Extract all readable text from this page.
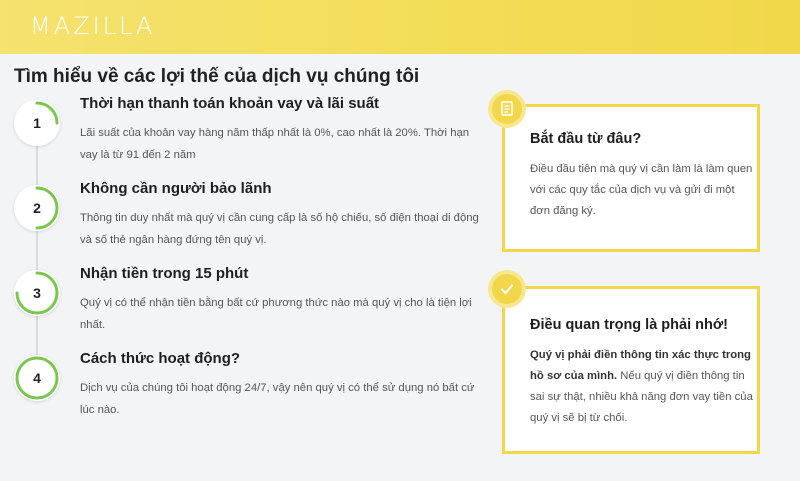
MAZILLA
Tìm hiểu về các lợi thế của dịch vụ chúng tôi
1
Thời hạn thanh toán khoản vay và lãi suất
Lãi suất của khoản vay hàng năm thấp nhất là 0%, cao nhất là 20%. Thời hạn vay là từ 91 đến 2 năm
2
Không cần người bảo lãnh
Thông tin duy nhất mà quý vị cần cung cấp là số hộ chiếu, số điện thoại di động và số thẻ ngân hàng đứng tên quý vị.
3
Nhận tiền trong 15 phút
Quý vị có thể nhận tiền bằng bất cứ phương thức nào mà quý vị cho là tiện lợi nhất.
4
Cách thức hoạt động?
Dịch vụ của chúng tôi hoạt động 24/7, vậy nên quý vị có thể sử dụng nó bất cứ lúc nào.
Bắt đầu từ đâu?
Điều đầu tiên mà quý vị cần làm là làm quen với các quy tắc của dịch vụ và gửi đi một đơn đăng ký.
Điều quan trọng là phải nhớ!
Quý vị phải điền thông tin xác thực trong hồ sơ của mình. Nếu quý vị điền thông tin sai sự thật, nhiều khả năng đơn vay tiền của quý vị sẽ bị từ chối.
